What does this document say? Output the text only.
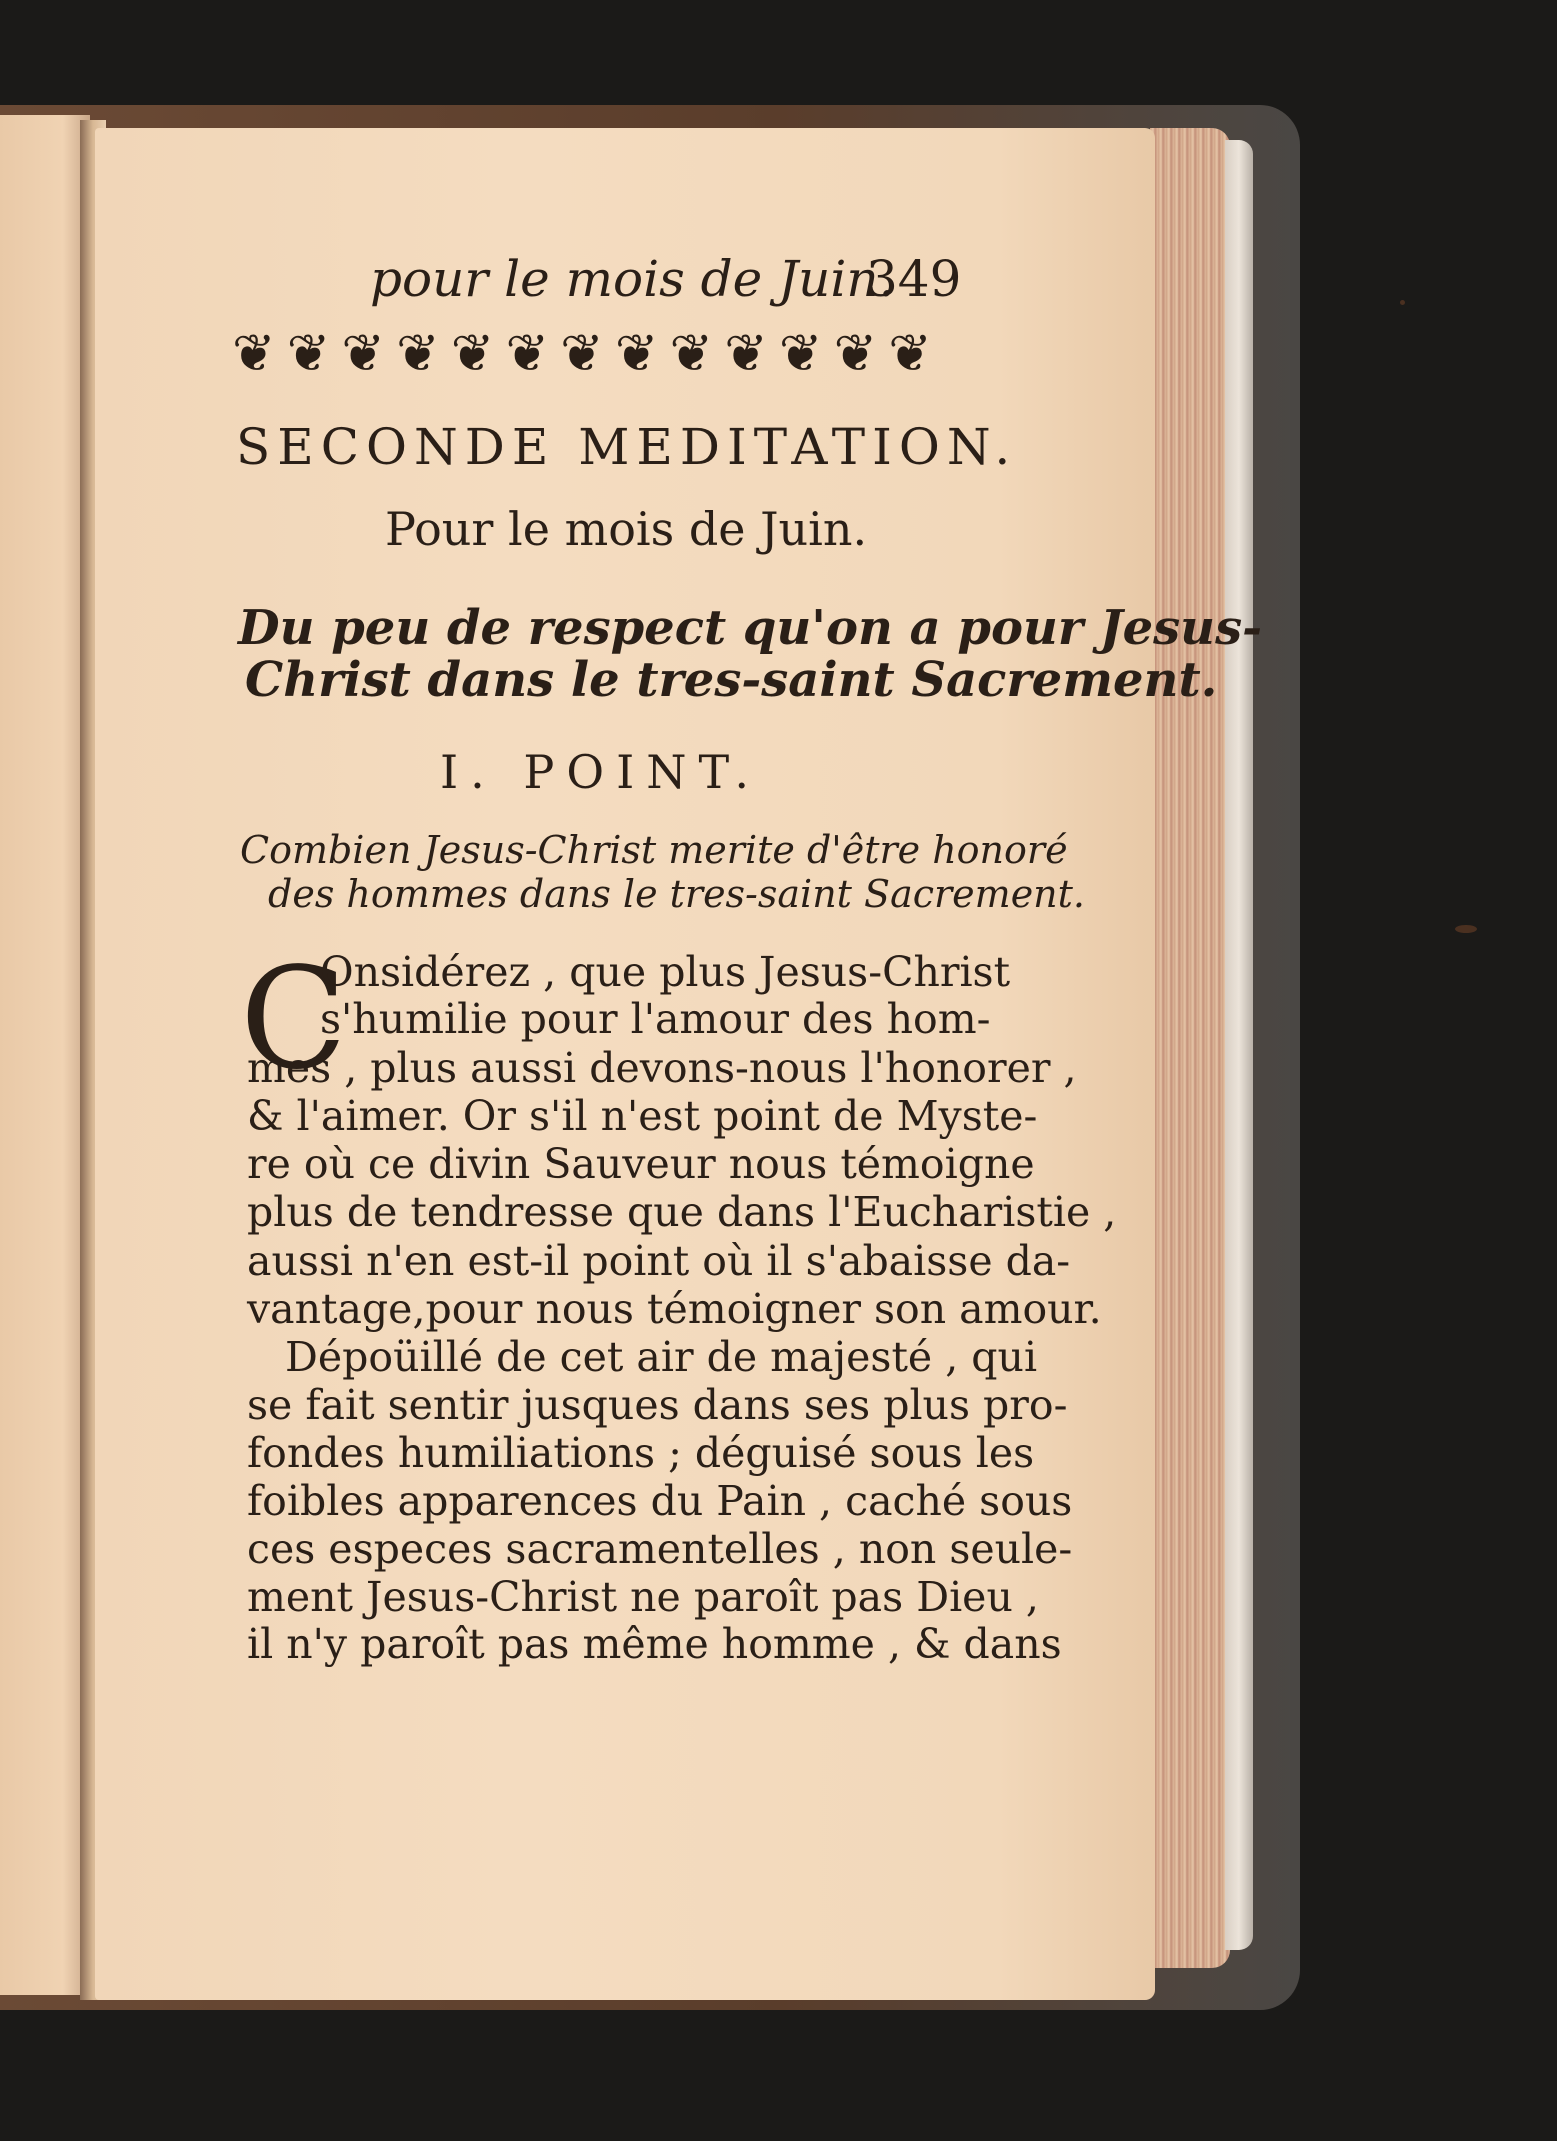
pour le mois de Juin.
349
❦ ❦ ❦ ❦ ❦ ❦ ❦ ❦ ❦ ❦ ❦ ❦ ❦
SECONDE MEDITATION.
Pour le mois de Juin.
Du peu de respect qu'on a pour Jesus-
Christ dans le tres-saint Sacrement.
I. POINT.
Combien Jesus-Christ merite d'être honoré
des hommes dans le tres-saint Sacrement.
C
Onsidérez , que plus Jesus-Christ
s'humilie pour l'amour des hom-
mes , plus aussi devons-nous l'honorer ,
& l'aimer. Or s'il n'est point de Myste-
re où ce divin Sauveur nous témoigne
plus de tendresse que dans l'Eucharistie ,
aussi n'en est-il point où il s'abaisse da-
vantage,pour nous témoigner son amour.
Dépoüillé de cet air de majesté , qui
se fait sentir jusques dans ses plus pro-
fondes humiliations ; déguisé sous les
foibles apparences du Pain , caché sous
ces especes sacramentelles , non seule-
ment Jesus-Christ ne paroît pas Dieu ,
il n'y paroît pas même homme , & dans
